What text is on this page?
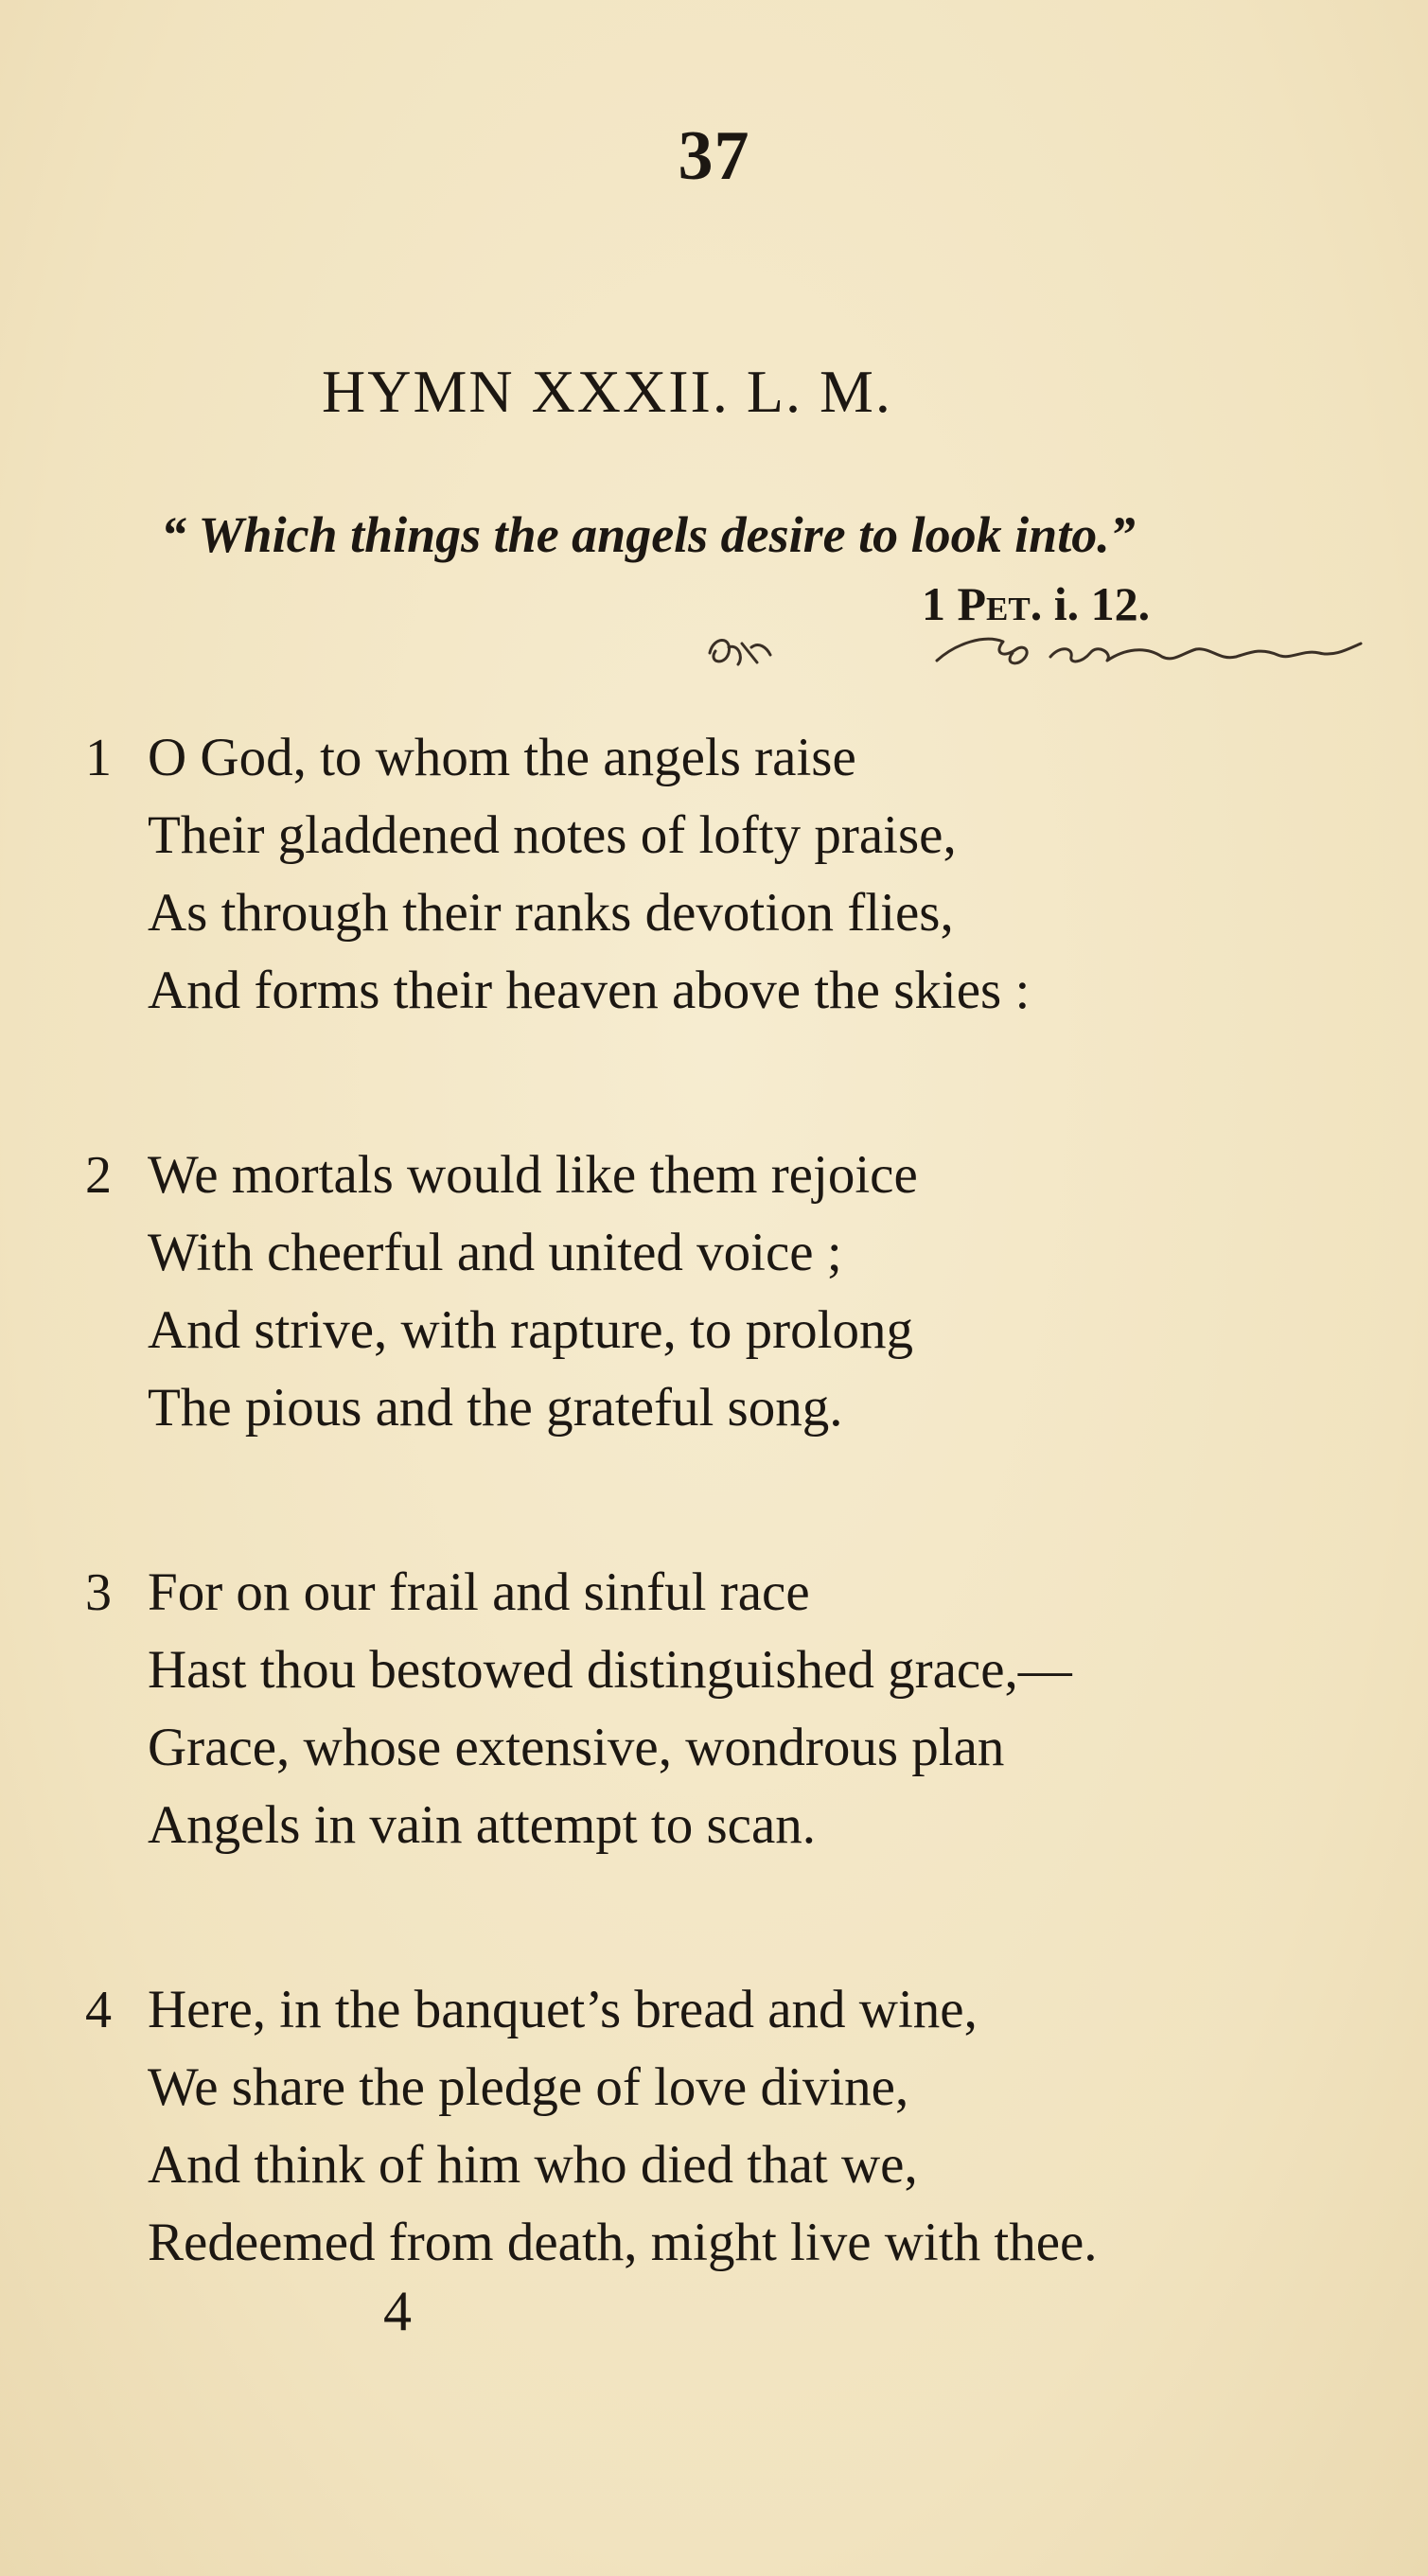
37
HYMN XXXII. L. M.
“ Which things the angels desire to look into.”
1 Pet. i. 12.
1 O God, to whom the angels raise
Their gladdened notes of lofty praise,
As through their ranks devotion flies,
And forms their heaven above the skies :
2 We mortals would like them rejoice
With cheerful and united voice ;
And strive, with rapture, to prolong
The pious and the grateful song.
3 For on our frail and sinful race
Hast thou bestowed distinguished grace,—
Grace, whose extensive, wondrous plan
Angels in vain attempt to scan.
4 Here, in the banquet’s bread and wine,
We share the pledge of love divine,
And think of him who died that we,
Redeemed from death, might live with thee.
4
